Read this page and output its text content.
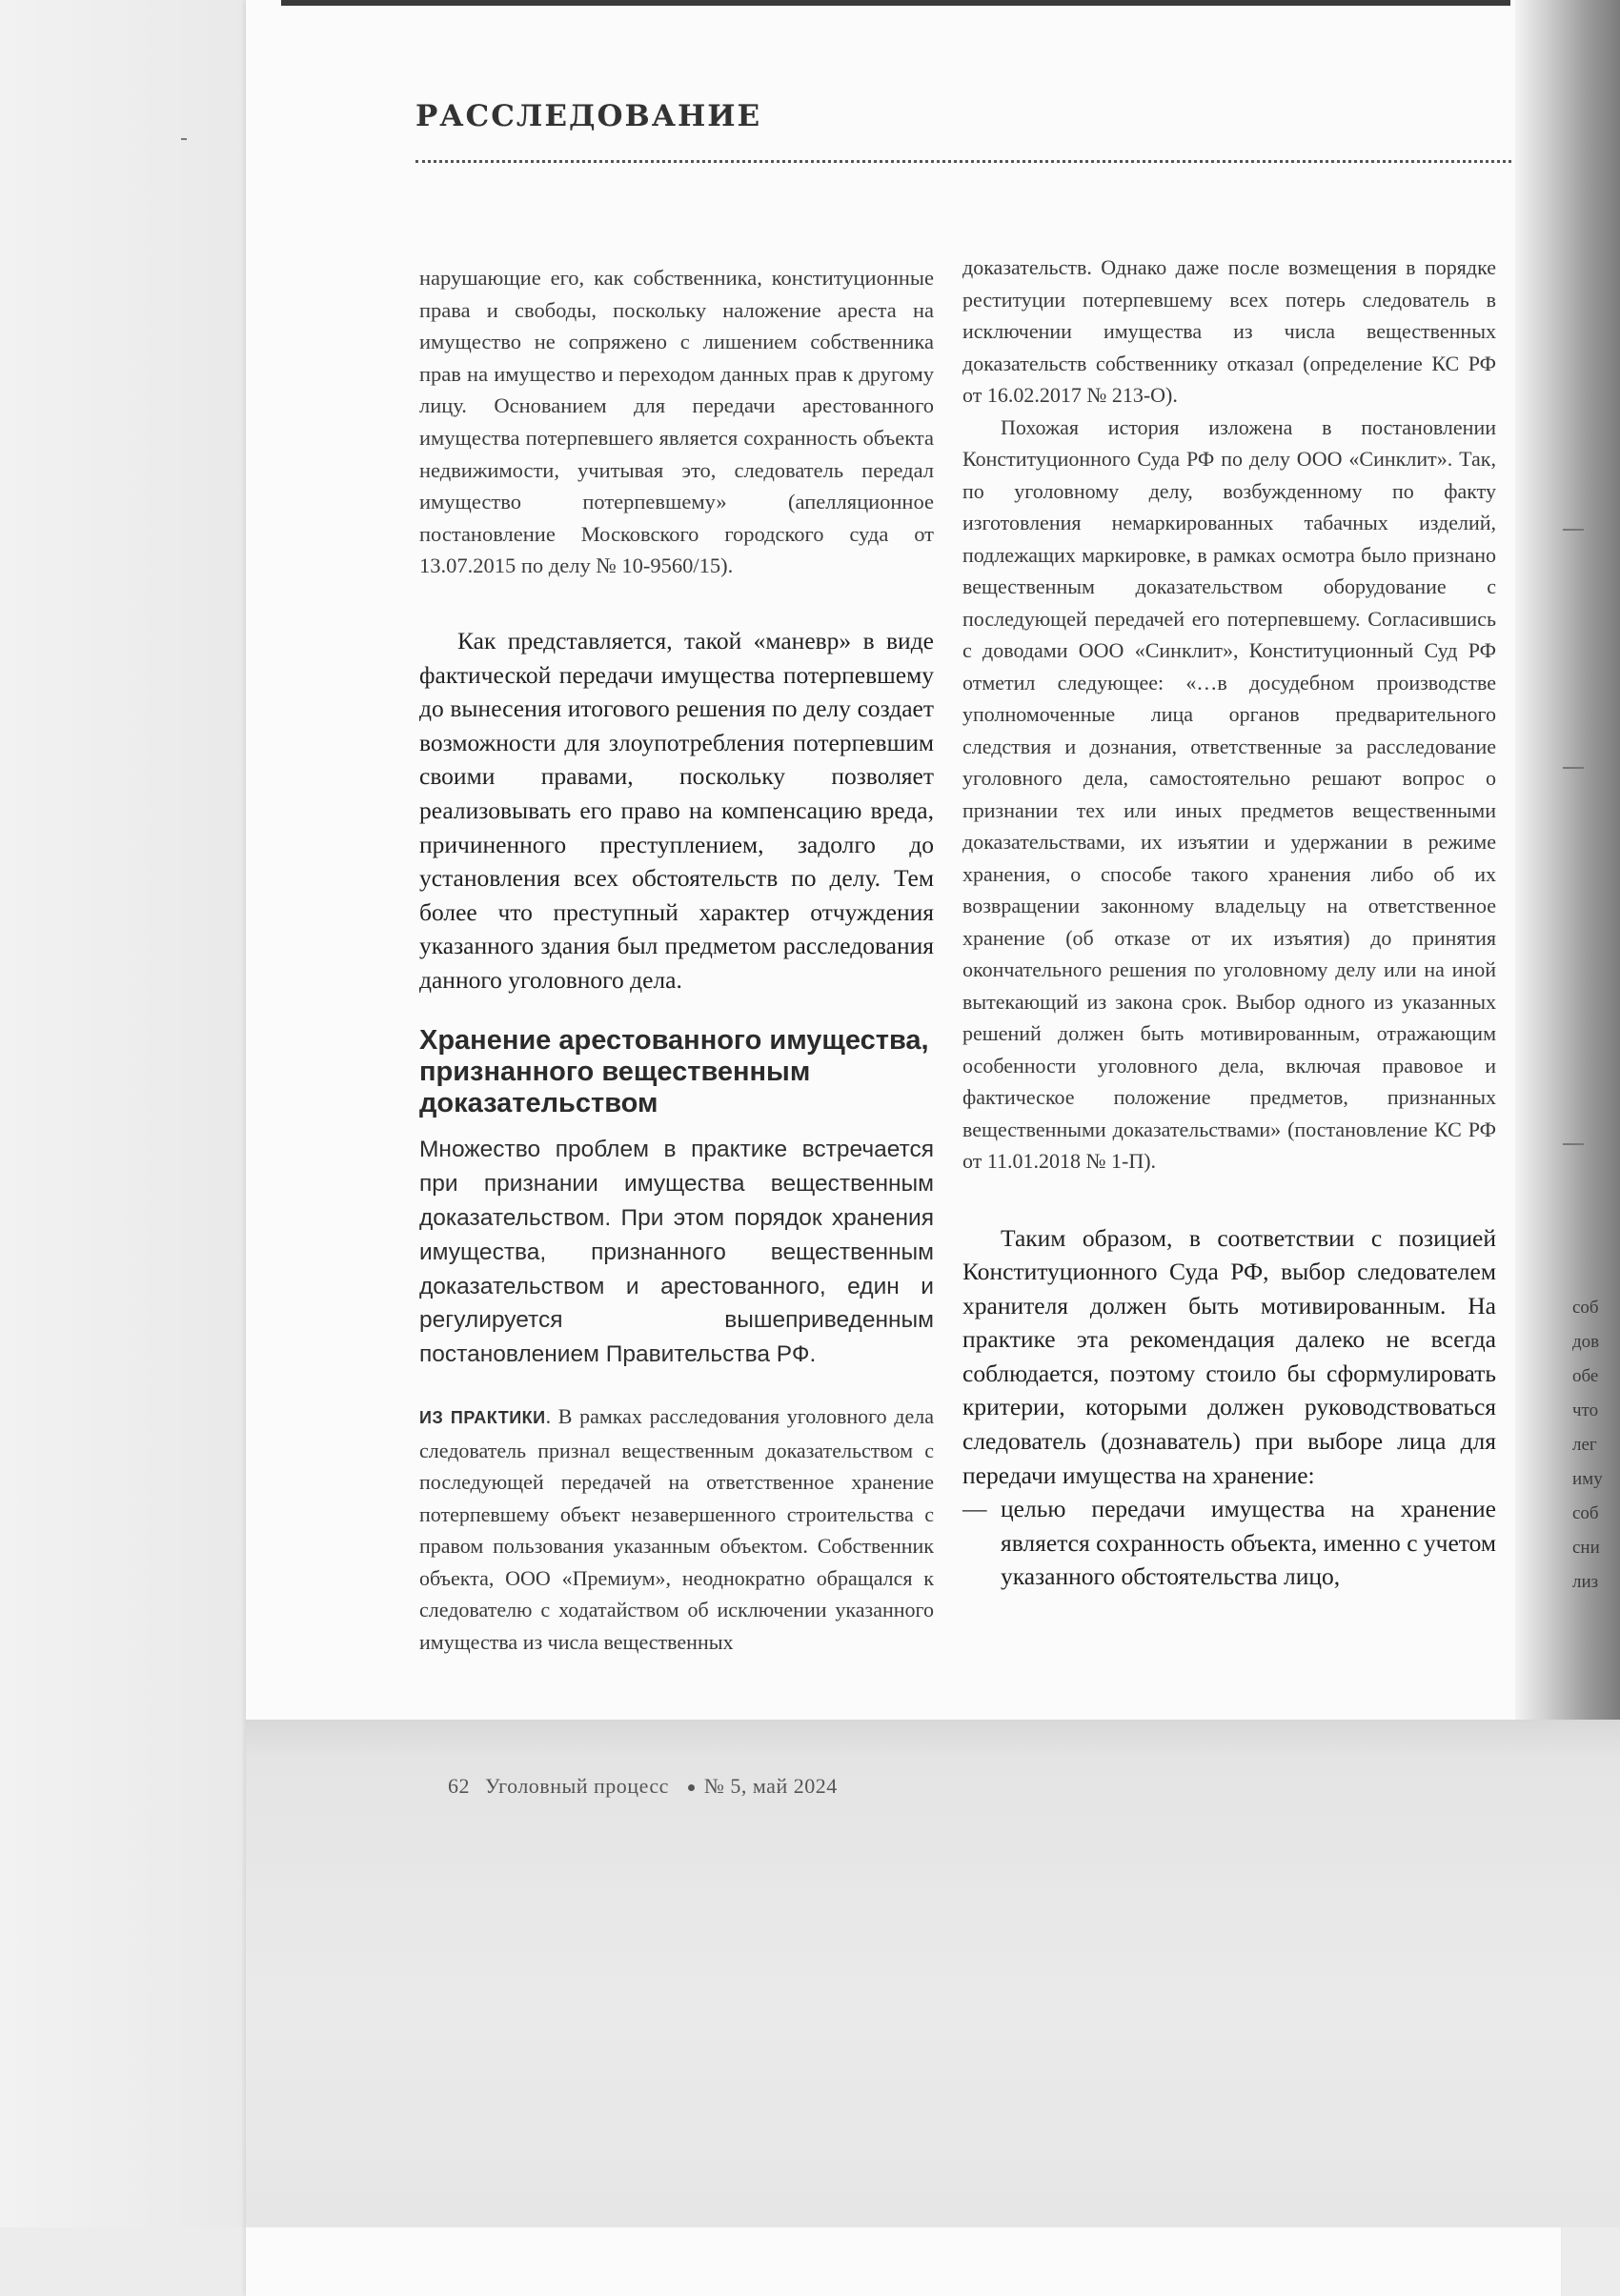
РАССЛЕДОВАНИЕ

нарушающие его, как собственника, конституционные права и свободы, поскольку наложение ареста на имущество не сопряжено с лишением собственника прав на имущество и переходом данных прав к другому лицу. Основанием для передачи арестованного имущества потерпевшего является сохранность объекта недвижимости, учитывая это, следователь передал имущество потерпевшему» (апелляционное постановление Московского городского суда от 13.07.2015 по делу № 10-9560/15).

Как представляется, такой «маневр» в виде фактической передачи имущества потерпевшему до вынесения итогового решения по делу создает возможности для злоупотребления потерпевшим своими правами, поскольку позволяет реализовывать его право на компенсацию вреда, причиненного преступлением, задолго до установления всех обстоятельств по делу. Тем более что преступный характер отчуждения указанного здания был предметом расследования данного уголовного дела.

Хранение арестованного имущества, признанного вещественным доказательством

Множество проблем в практике встречается при признании имущества вещественным доказательством. При этом порядок хранения имущества, признанного вещественным доказательством и арестованного, един и регулируется вышеприведенным постановлением Правительства РФ.

ИЗ ПРАКТИКИ. В рамках расследования уголовного дела следователь признал вещественным доказательством с последующей передачей на ответственное хранение потерпевшему объект незавершенного строительства с правом пользования указанным объектом. Собственник объекта, ООО «Премиум», неоднократно обращался к следователю с ходатайством об исключении указанного имущества из числа вещественных

доказательств. Однако даже после возмещения в порядке реституции потерпевшему всех потерь следователь в исключении имущества из числа вещественных доказательств собственнику отказал (определение КС РФ от 16.02.2017 № 213-О).

Похожая история изложена в постановлении Конституционного Суда РФ по делу ООО «Синклит». Так, по уголовному делу, возбужденному по факту изготовления немаркированных табачных изделий, подлежащих маркировке, в рамках осмотра было признано вещественным доказательством оборудование с последующей передачей его потерпевшему. Согласившись с доводами ООО «Синклит», Конституционный Суд РФ отметил следующее: «…в досудебном производстве уполномоченные лица органов предварительного следствия и дознания, ответственные за расследование уголовного дела, самостоятельно решают вопрос о признании тех или иных предметов вещественными доказательствами, их изъятии и удержании в режиме хранения, о способе такого хранения либо об их возвращении законному владельцу на ответственное хранение (об отказе от их изъятия) до принятия окончательного решения по уголовному делу или на иной вытекающий из закона срок. Выбор одного из указанных решений должен быть мотивированным, отражающим особенности уголовного дела, включая правовое и фактическое положение предметов, признанных вещественными доказательствами» (постановление КС РФ от 11.01.2018 № 1-П).

Таким образом, в соответствии с позицией Конституционного Суда РФ, выбор следователем хранителя должен быть мотивированным. На практике эта рекомендация далеко не всегда соблюдается, поэтому стоило бы сформулировать критерии, которыми должен руководствоваться следователь (дознаватель) при выборе лица для передачи имущества на хранение:

— целью передачи имущества на хранение является сохранность объекта, именно с учетом указанного обстоятельства лицо,
62 Уголовный процесс № 5, май 2024
соб
дов
обе
что
лег
иму
соб
сни
лиз
